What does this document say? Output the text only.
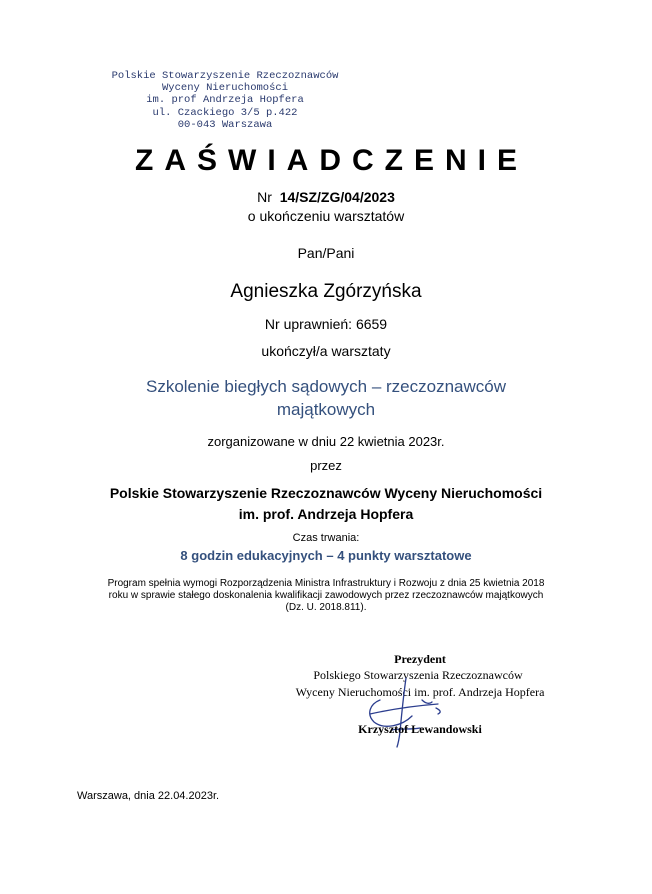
Polskie Stowarzyszenie Rzeczoznawców
Wyceny Nieruchomości
im. prof Andrzeja Hopfera
ul. Czackiego 3/5 p.422
00-043 Warszawa
ZAŚWIADCZENIE
Nr 14/SZ/ZG/04/2023
o ukończeniu warsztatów
Pan/Pani
Agnieszka Zgórzyńska
Nr uprawnień: 6659
ukończył/a warsztaty
Szkolenie biegłych sądowych – rzeczoznawców
majątkowych
zorganizowane w dniu 22 kwietnia 2023r.
przez
Polskie Stowarzyszenie Rzeczoznawców Wyceny Nieruchomości
im. prof. Andrzeja Hopfera
Czas trwania:
8 godzin edukacyjnych – 4 punkty warsztatowe
Program spełnia wymogi Rozporządzenia Ministra Infrastruktury i Rozwoju z dnia 25 kwietnia 2018
roku w sprawie stałego doskonalenia kwalifikacji zawodowych przez rzeczoznawców majątkowych
(Dz. U. 2018.811).
Prezydent
Polskiego Stowarzyszenia Rzeczoznawców
Wyceny Nieruchomości im. prof. Andrzeja Hopfera
Krzysztof Lewandowski
Warszawa, dnia 22.04.2023r.
